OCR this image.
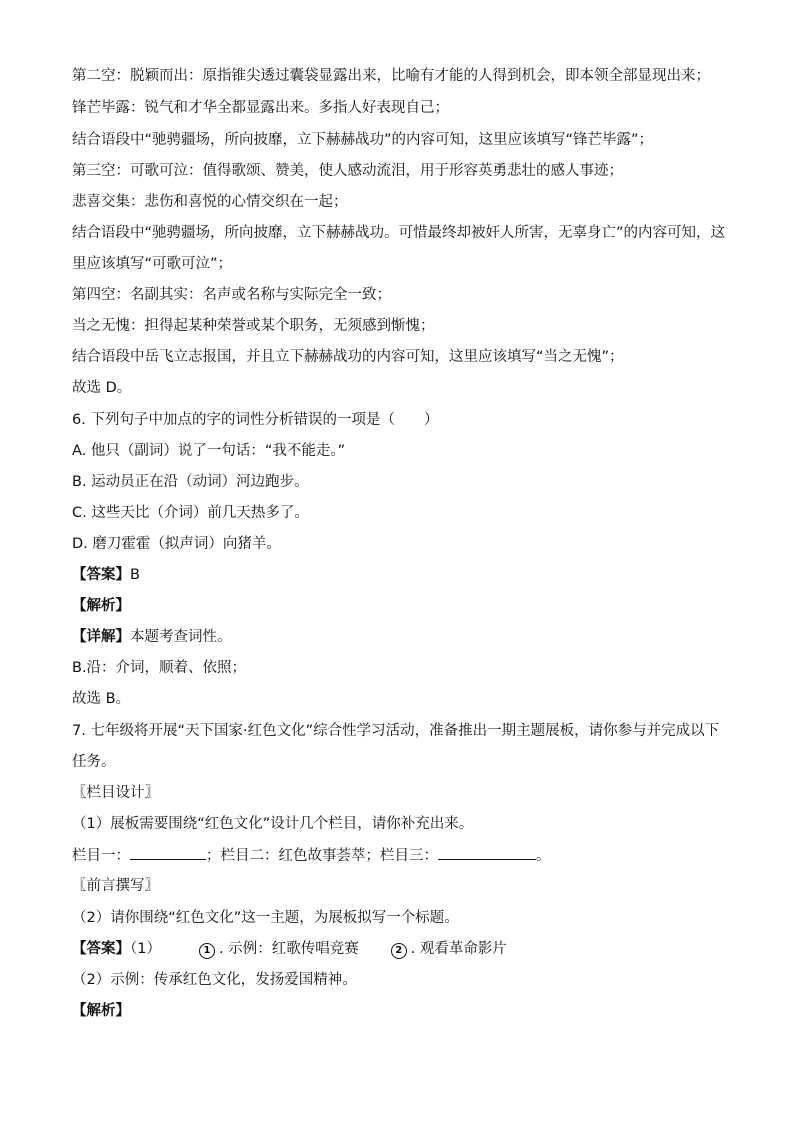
第二空：脱颖而出：原指锥尖透过囊袋显露出来，比喻有才能的人得到机会，即本领全部显现出来；
锋芒毕露：锐气和才华全都显露出来。多指人好表现自己；
结合语段中“驰骋疆场，所向披靡，立下赫赫战功”的内容可知，这里应该填写“锋芒毕露”；
第三空：可歌可泣：值得歌颂、赞美，使人感动流泪，用于形容英勇悲壮的感人事迹；
悲喜交集：悲伤和喜悦的心情交织在一起；
结合语段中“驰骋疆场，所向披靡，立下赫赫战功。可惜最终却被奸人所害，无辜身亡”的内容可知，这
里应该填写“可歌可泣”；
第四空：名副其实：名声或名称与实际完全一致；
当之无愧：担得起某种荣誉或某个职务，无须感到惭愧；
结合语段中岳飞立志报国，并且立下赫赫战功的内容可知，这里应该填写“当之无愧”；
故选 D。
6. 下列句子中加点的字的词性分析错误的一项是（　　）
A. 他只（副词）说了一句话：“我不能走。”
B. 运动员正在沿（动词）河边跑步。
C. 这些天比（介词）前几天热多了。
D. 磨刀霍霍（拟声词）向猪羊。
【答案】B
【解析】
【详解】本题考查词性。
B.沿：介词，顺着、依照；
故选 B。
7. 七年级将开展“天下国家·红色文化”综合性学习活动，准备推出一期主题展板，请你参与并完成以下
任务。
〖栏目设计〗
（1）展板需要围绕“红色文化”设计几个栏目，请你补充出来。
栏目一：	；栏目二：红色故事荟萃；栏目三：	。
〖前言撰写〗
（2）请你围绕“红色文化”这一主题，为展板拟写一个标题。
【答案】（1）	1 . 示例：红歌传唱竞赛	2 . 观看革命影片
（2）示例：传承红色文化，发扬爱国精神。
【解析】
